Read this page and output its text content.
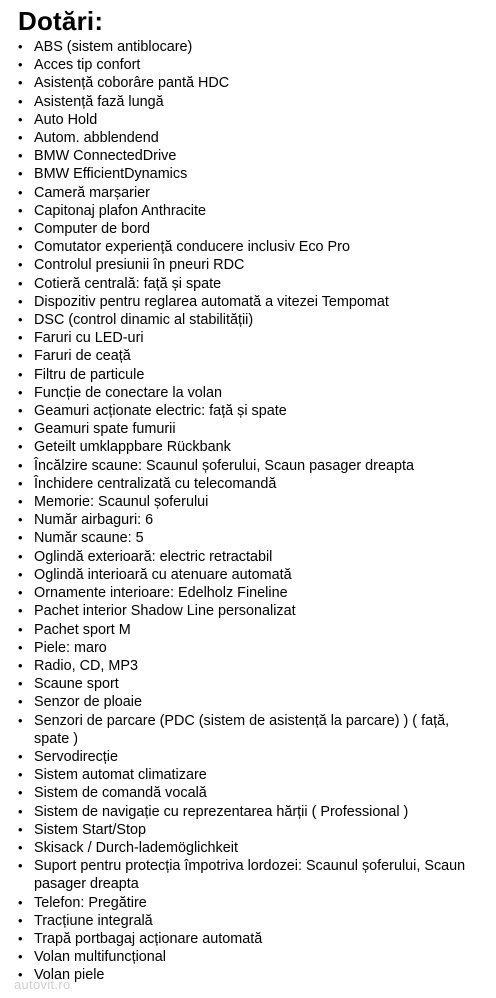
Dotări:
• ABS (sistem antiblocare)
• Acces tip confort
• Asistență coborâre pantă HDC
• Asistență fază lungă
• Auto Hold
• Autom. abblendend
• BMW ConnectedDrive
• BMW EfficientDynamics
• Cameră marșarier
• Capitonaj plafon Anthracite
• Computer de bord
• Comutator experiență conducere inclusiv Eco Pro
• Controlul presiunii în pneuri RDC
• Cotieră centrală: față și spate
• Dispozitiv pentru reglarea automată a vitezei Tempomat
• DSC (control dinamic al stabilității)
• Faruri cu LED-uri
• Faruri de ceață
• Filtru de particule
• Funcție de conectare la volan
• Geamuri acționate electric: față și spate
• Geamuri spate fumurii
• Geteilt umklappbare Rückbank
• Încălzire scaune: Scaunul șoferului, Scaun pasager dreapta
• Închidere centralizată cu telecomandă
• Memorie: Scaunul șoferului
• Număr airbaguri: 6
• Număr scaune: 5
• Oglindă exterioară: electric retractabil
• Oglindă interioară cu atenuare automată
• Ornamente interioare: Edelholz Fineline
• Pachet interior Shadow Line personalizat
• Pachet sport M
• Piele: maro
• Radio, CD, MP3
• Scaune sport
• Senzor de ploaie
• Senzori de parcare (PDC (sistem de asistență la parcare) ) ( față, spate )
• Servodirecție
• Sistem automat climatizare
• Sistem de comandă vocală
• Sistem de navigație cu reprezentarea hărții ( Professional )
• Sistem Start/Stop
• Skisack / Durch-lademöglichkeit
• Suport pentru protecția împotriva lordozei: Scaunul șoferului, Scaun pasager dreapta
• Telefon: Pregătire
• Tracțiune integrală
• Trapă portbagaj acționare automată
• Volan multifuncțional
• Volan piele
autovit.ro
